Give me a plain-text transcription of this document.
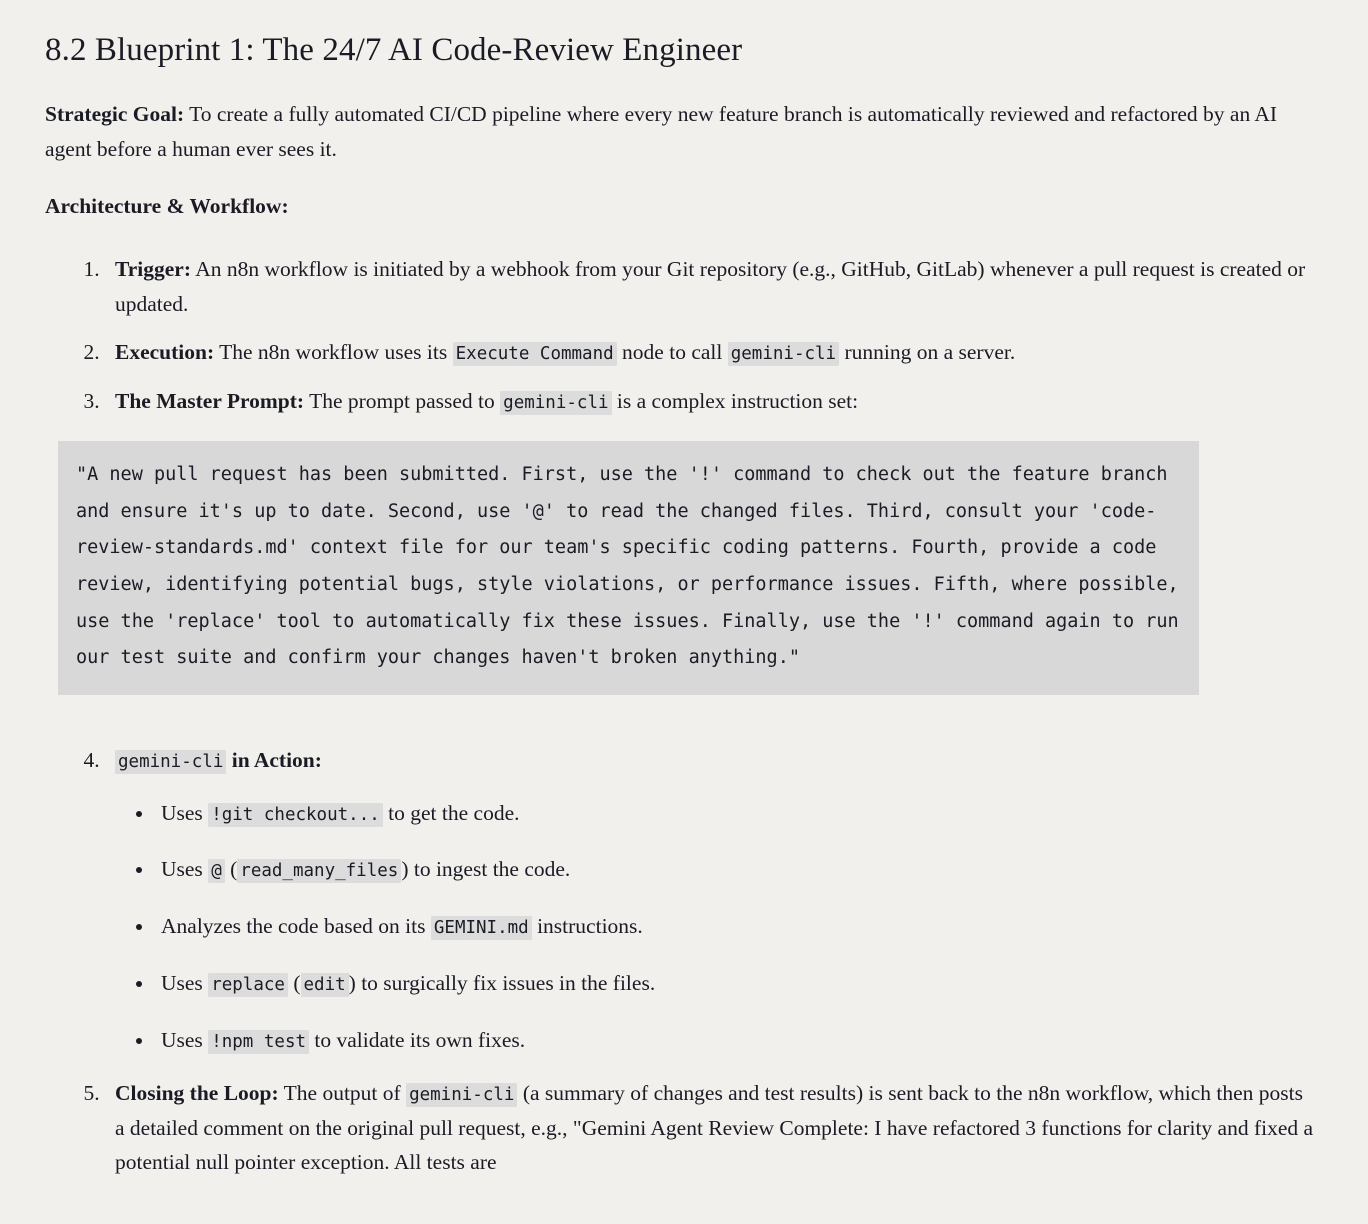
8.2 Blueprint 1: The 24/7 AI Code-Review Engineer

Strategic Goal: To create a fully automated CI/CD pipeline where every new feature branch is automatically reviewed and refactored by an AI agent before a human ever sees it.

Architecture & Workflow:

1. Trigger: An n8n workflow is initiated by a webhook from your Git repository (e.g., GitHub, GitLab) whenever a pull request is created or updated.
2. Execution: The n8n workflow uses its Execute Command node to call gemini-cli running on a server.
3. The Master Prompt: The prompt passed to gemini-cli is a complex instruction set:
"A new pull request has been submitted. First, use the '!' command to check out the feature branch and ensure it's up to date. Second, use '@' to read the changed files. Third, consult your 'code-review-standards.md' context file for our team's specific coding patterns. Fourth, provide a code review, identifying potential bugs, style violations, or performance issues. Fifth, where possible, use the 'replace' tool to automatically fix these issues. Finally, use the '!' command again to run our test suite and confirm your changes haven't broken anything."
4. gemini-cli in Action:
• Uses !git checkout... to get the code.
• Uses @ ( read_many_files ) to ingest the code.
• Analyzes the code based on its GEMINI.md instructions.
• Uses replace ( edit ) to surgically fix issues in the files.
• Uses !npm test to validate its own fixes.
5. Closing the Loop: The output of gemini-cli (a summary of changes and test results) is sent back to the n8n workflow, which then posts a detailed comment on the original pull request, e.g., "Gemini Agent Review Complete: I have refactored 3 functions for clarity and fixed a potential null pointer exception. All tests are
